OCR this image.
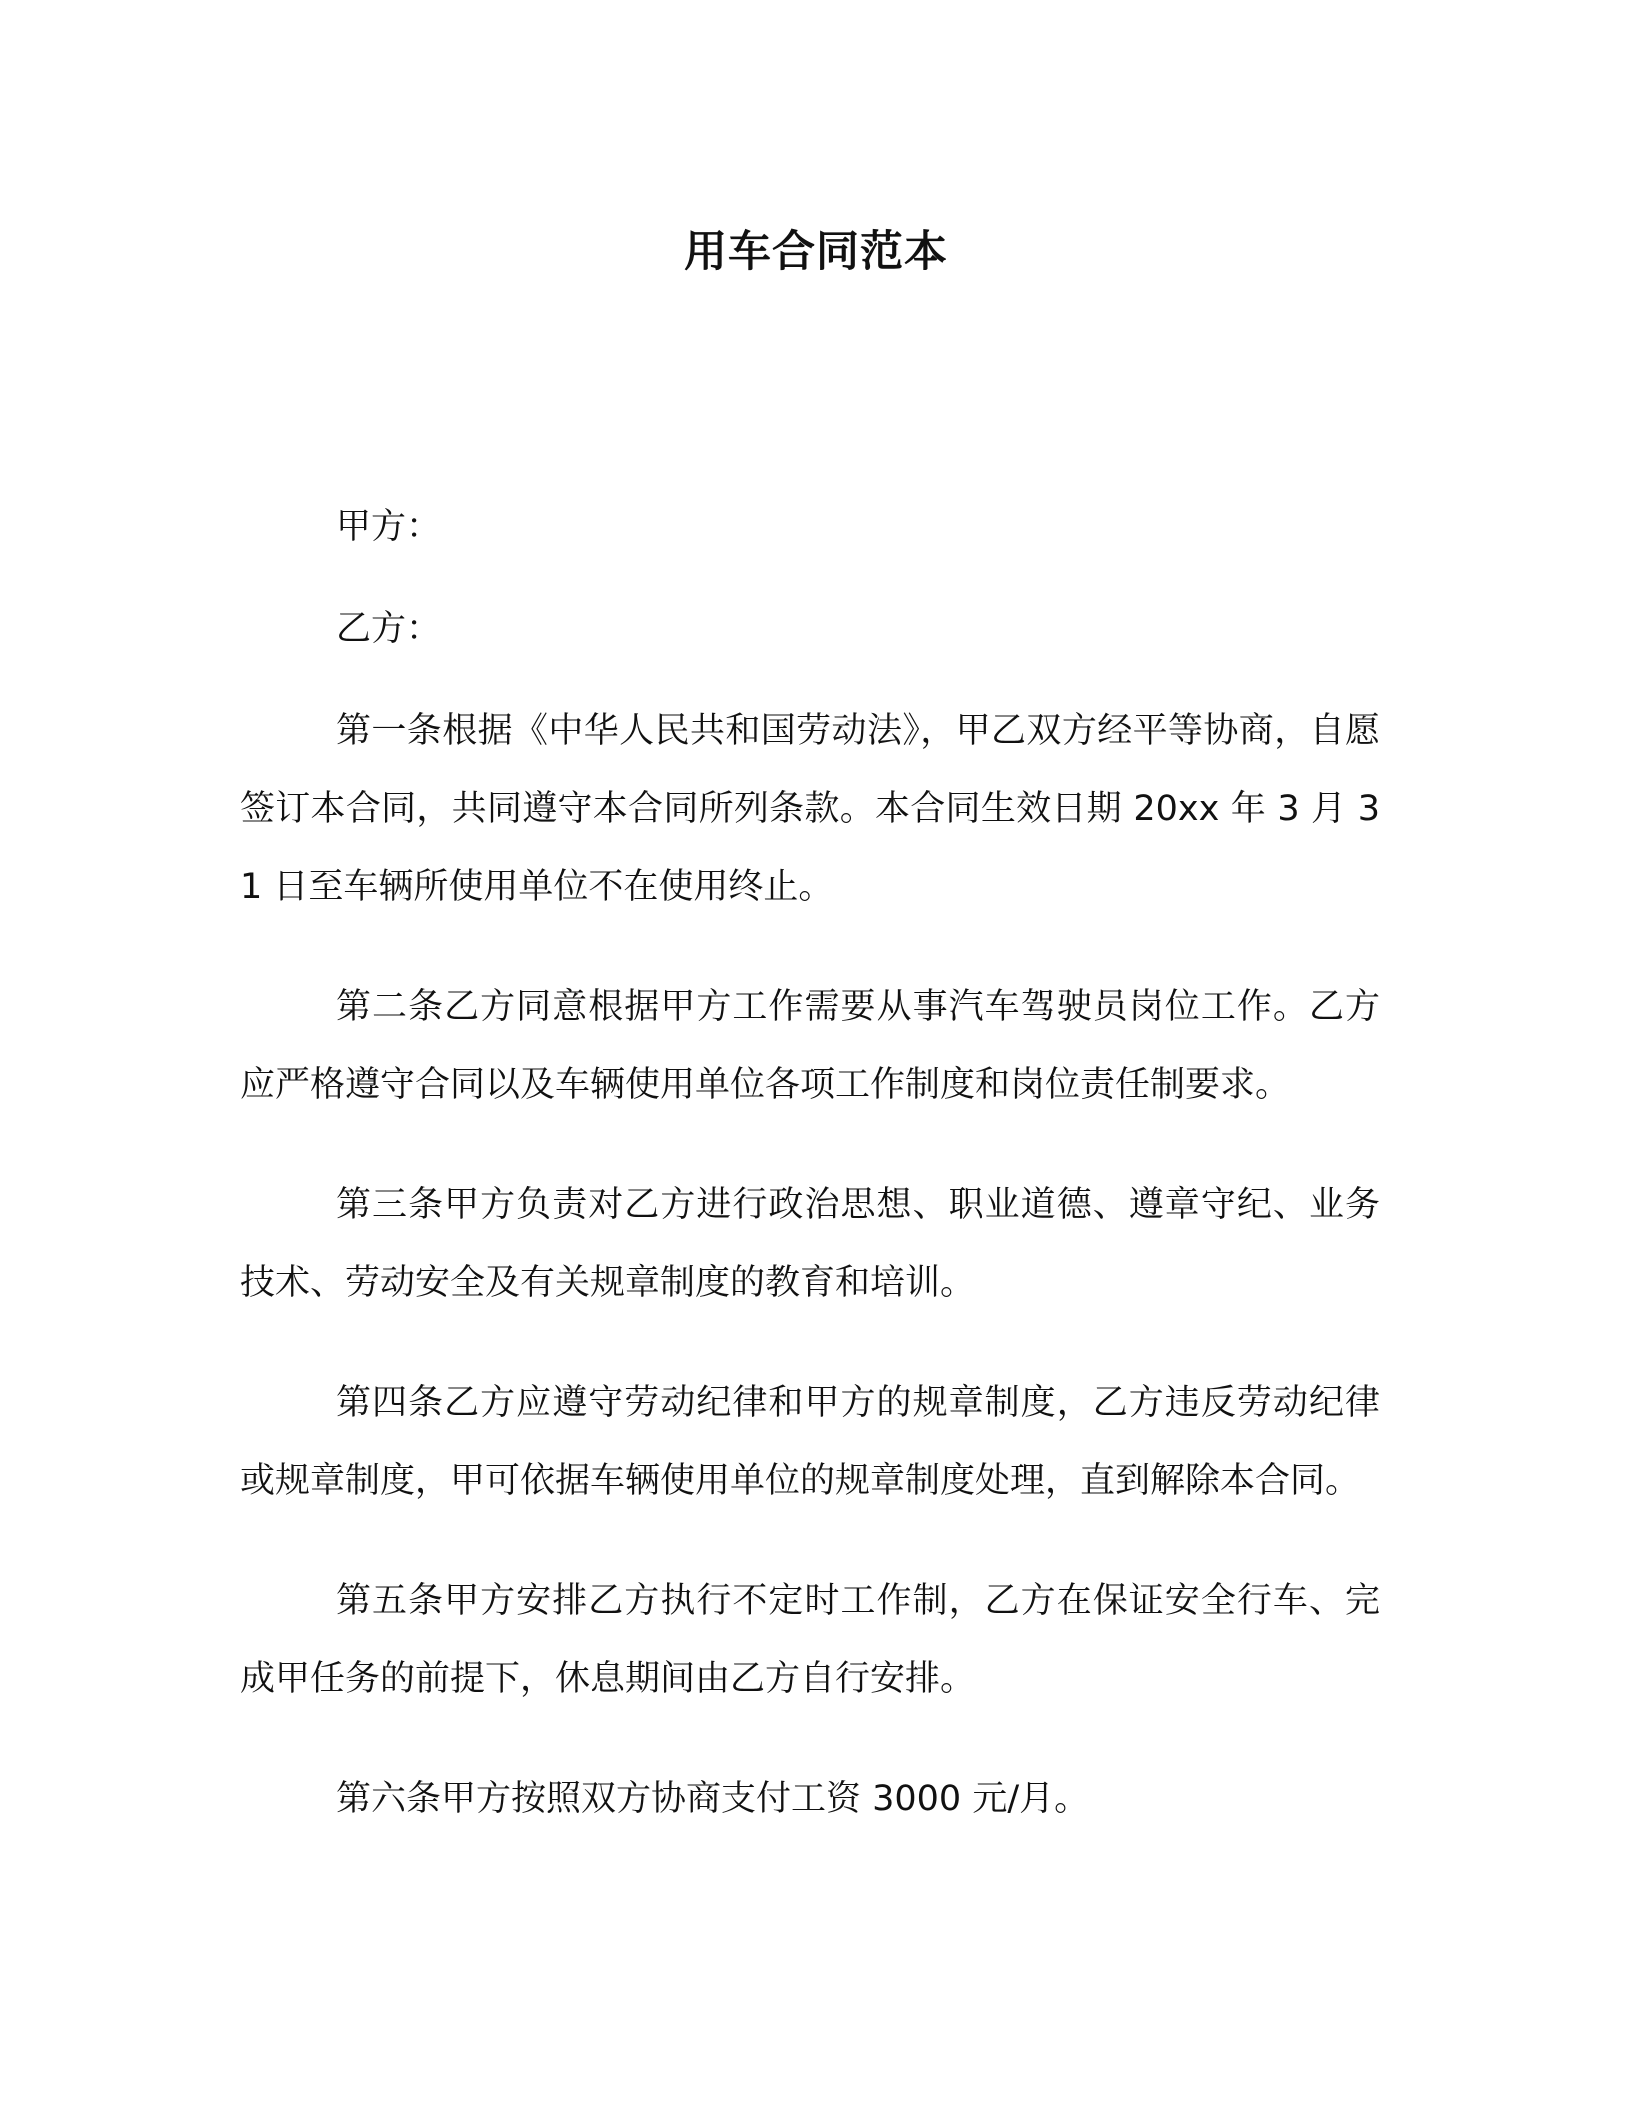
用车合同范本

甲方：

乙方：

第一条根据《中华人民共和国劳动法》，甲乙双方经平等协商，自愿签订本合同，共同遵守本合同所列条款。本合同生效日期 20xx 年 3 月 31 日至车辆所使用单位不在使用终止。

第二条乙方同意根据甲方工作需要从事汽车驾驶员岗位工作。乙方应严格遵守合同以及车辆使用单位各项工作制度和岗位责任制要求。

第三条甲方负责对乙方进行政治思想、职业道德、遵章守纪、业务技术、劳动安全及有关规章制度的教育和培训。

第四条乙方应遵守劳动纪律和甲方的规章制度，乙方违反劳动纪律或规章制度，甲可依据车辆使用单位的规章制度处理，直到解除本合同。

第五条甲方安排乙方执行不定时工作制，乙方在保证安全行车、完成甲任务的前提下，休息期间由乙方自行安排。

第六条甲方按照双方协商支付工资 3000 元/月。
